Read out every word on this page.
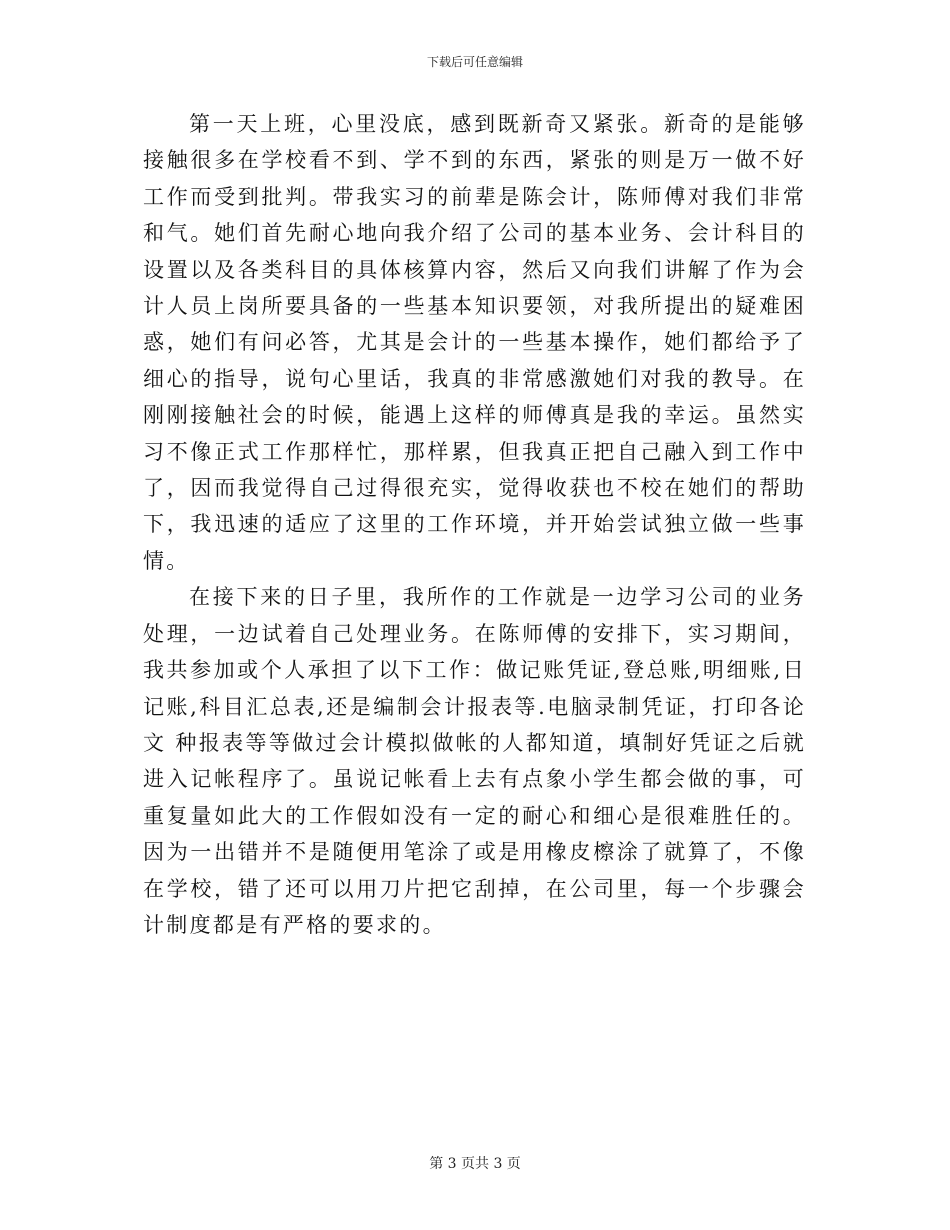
下载后可任意编辑

第一天上班，心里没底，感到既新奇又紧张。新奇的是能够接触很多在学校看不到、学不到的东西，紧张的则是万一做不好工作而受到批判。带我实习的前辈是陈会计，陈师傅对我们非常和气。她们首先耐心地向我介绍了公司的基本业务、会计科目的设置以及各类科目的具体核算内容，然后又向我们讲解了作为会计人员上岗所要具备的一些基本知识要领，对我所提出的疑难困惑，她们有问必答，尤其是会计的一些基本操作，她们都给予了细心的指导，说句心里话，我真的非常感激她们对我的教导。在刚刚接触社会的时候，能遇上这样的师傅真是我的幸运。虽然实习不像正式工作那样忙，那样累，但我真正把自己融入到工作中了，因而我觉得自己过得很充实，觉得收获也不校在她们的帮助下，我迅速的适应了这里的工作环境，并开始尝试独立做一些事情。

在接下来的日子里，我所作的工作就是一边学习公司的业务处理，一边试着自己处理业务。在陈师傅的安排下，实习期间，我共参加或个人承担了以下工作：做记账凭证,登总账,明细账,日记账,科目汇总表,还是编制会计报表等.电脑录制凭证，打印各论文 种报表等等做过会计模拟做帐的人都知道，填制好凭证之后就进入记帐程序了。虽说记帐看上去有点象小学生都会做的事，可重复量如此大的工作假如没有一定的耐心和细心是很难胜任的。因为一出错并不是随便用笔涂了或是用橡皮檫涂了就算了，不像在学校，错了还可以用刀片把它刮掉，在公司里，每一个步骤会计制度都是有严格的要求的。

第 3 页共 3 页
